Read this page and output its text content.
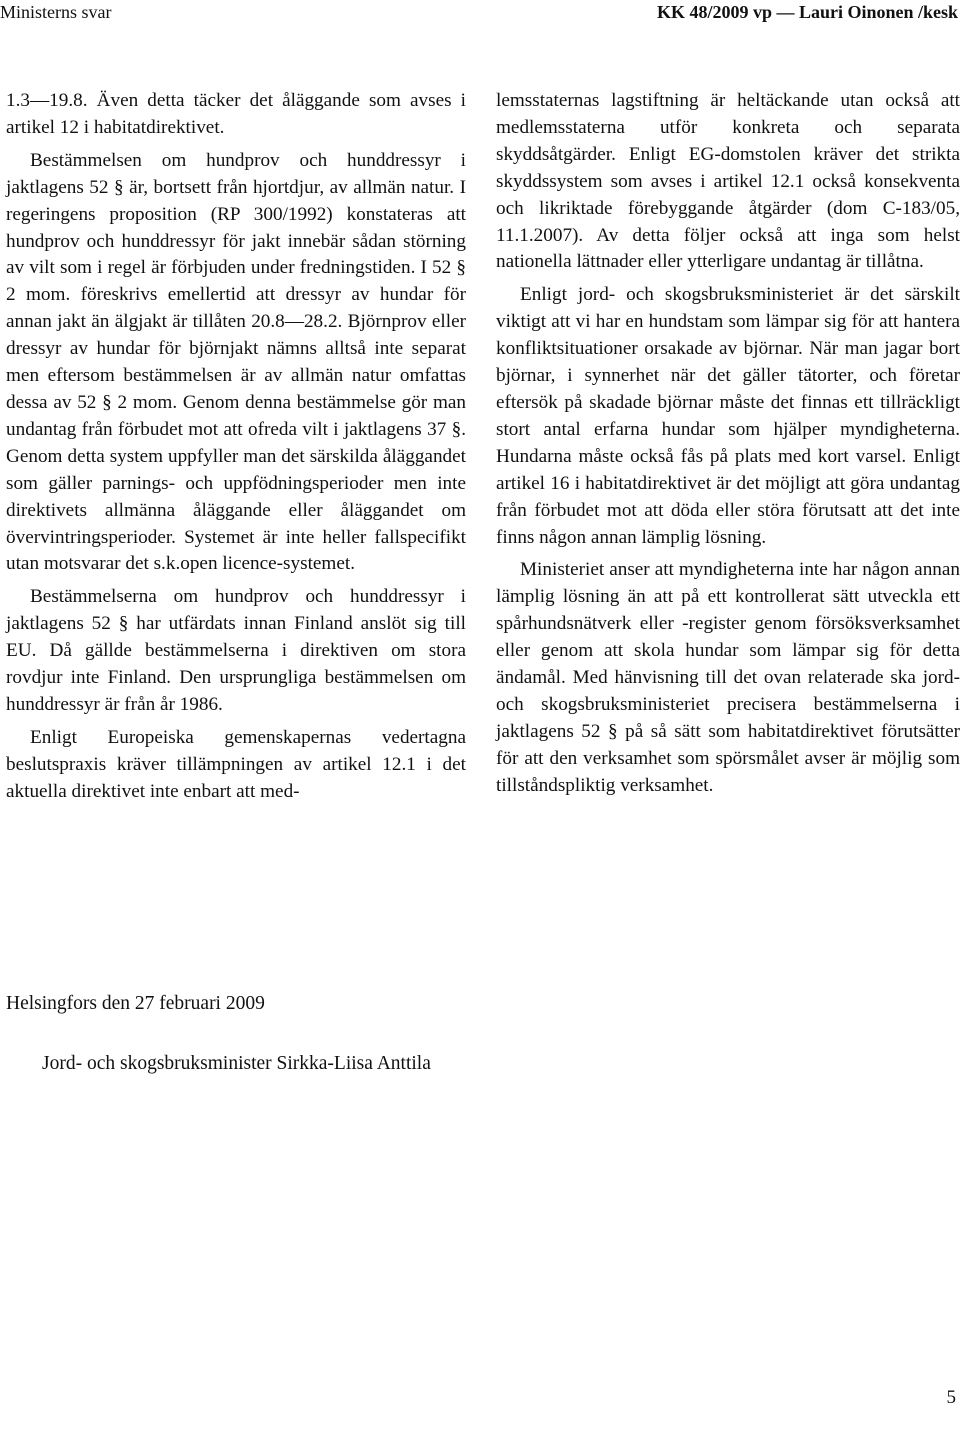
Ministerns svar	KK 48/2009 vp — Lauri Oinonen /kesk

1.3—19.8. Även detta täcker det åläggande som avses i artikel 12 i habitatdirektivet.

Bestämmelsen om hundprov och hunddressyr i jaktlagens 52 § är, bortsett från hjortdjur, av allmän natur. I regeringens proposition (RP 300/1992) konstateras att hundprov och hunddressyr för jakt innebär sådan störning av vilt som i regel är förbjuden under fredningstiden. I 52 § 2 mom. föreskrivs emellertid att dressyr av hundar för annan jakt än älgjakt är tillåten 20.8—28.2. Björnprov eller dressyr av hundar för björnjakt nämns alltså inte separat men eftersom bestämmelsen är av allmän natur omfattas dessa av 52 § 2 mom. Genom denna bestämmelse gör man undantag från förbudet mot att ofreda vilt i jaktlagens 37 §. Genom detta system uppfyller man det särskilda åläggandet som gäller parnings- och uppfödningsperioder men inte direktivets allmänna åläggande eller åläggandet om övervintringsperioder. Systemet är inte heller fallspecifikt utan motsvarar det s.k.open licence-systemet.

Bestämmelserna om hundprov och hunddressyr i jaktlagens 52 § har utfärdats innan Finland anslöt sig till EU. Då gällde bestämmelserna i direktiven om stora rovdjur inte Finland. Den ursprungliga bestämmelsen om hunddressyr är från år 1986.

Enligt Europeiska gemenskapernas vedertagna beslutspraxis kräver tillämpningen av artikel 12.1 i det aktuella direktivet inte enbart att med-

lemsstaternas lagstiftning är heltäckande utan också att medlemsstaterna utför konkreta och separata skyddsåtgärder. Enligt EG-domstolen kräver det strikta skyddssystem som avses i artikel 12.1 också konsekventa och likriktade förebyggande åtgärder (dom C-183/05, 11.1.2007). Av detta följer också att inga som helst nationella lättnader eller ytterligare undantag är tillåtna.

Enligt jord- och skogsbruksministeriet är det särskilt viktigt att vi har en hundstam som lämpar sig för att hantera konfliktsituationer orsakade av björnar. När man jagar bort björnar, i synnerhet när det gäller tätorter, och företar eftersök på skadade björnar måste det finnas ett tillräckligt stort antal erfarna hundar som hjälper myndigheterna. Hundarna måste också fås på plats med kort varsel. Enligt artikel 16 i habitatdirektivet är det möjligt att göra undantag från förbudet mot att döda eller störa förutsatt att det inte finns någon annan lämplig lösning.

Ministeriet anser att myndigheterna inte har någon annan lämplig lösning än att på ett kontrollerat sätt utveckla ett spårhundsnätverk eller -register genom försöksverksamhet eller genom att skola hundar som lämpar sig för detta ändamål. Med hänvisning till det ovan relaterade ska jord- och skogsbruksministeriet precisera bestämmelserna i jaktlagens 52 § på så sätt som habitatdirektivet förutsätter för att den verksamhet som spörsmålet avser är möjlig som tillståndspliktig verksamhet.

Helsingfors den 27 februari 2009
Jord- och skogsbruksminister Sirkka-Liisa Anttila
5
